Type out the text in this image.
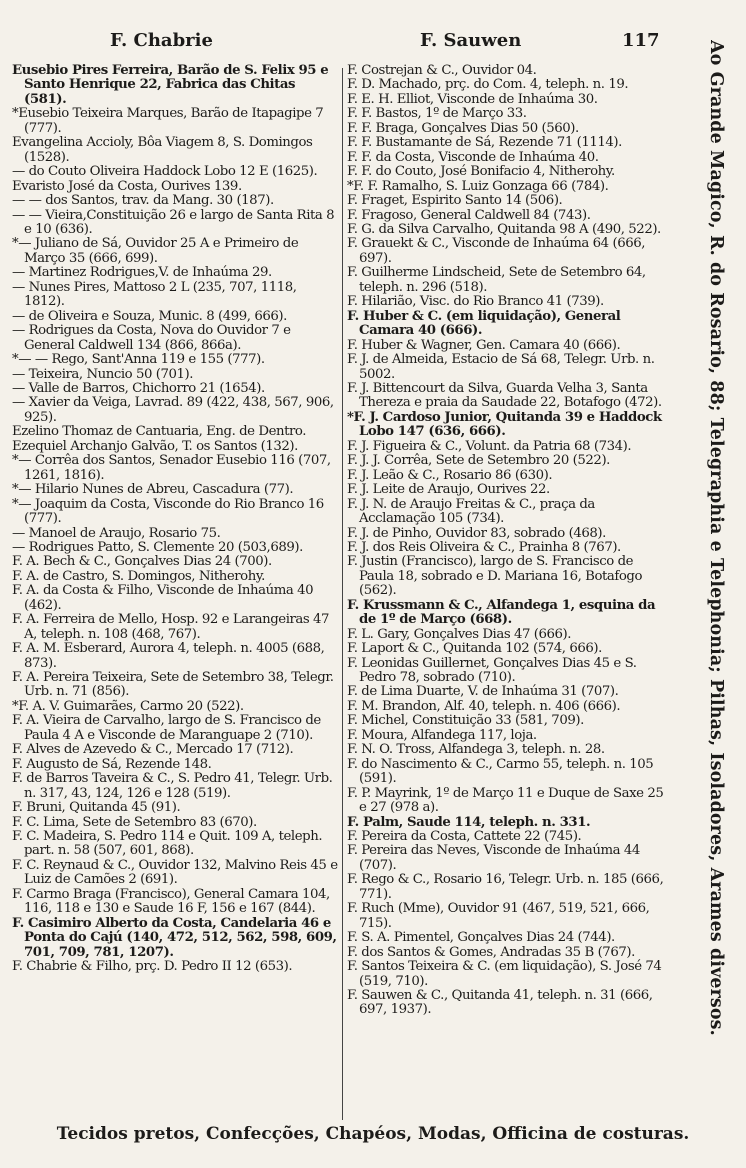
F. Chabrie	F. Sauwen	117
Eusebio Pires Ferreira, Barão de S. Felix 95 e Santo Henrique 22, Fabrica das Chitas (581).
*Eusebio Teixeira Marques, Barão de Itapagipe 7 (777).
Evangelina Accioly, Bôa Viagem 8, S. Domingos (1528).
— do Couto Oliveira Haddock Lobo 12 E (1625).
Evaristo José da Costa, Ourives 139.
— — dos Santos, trav. da Mang. 30 (187).
— — Vieira,Constituição 26 e largo de Santa Rita 8 e 10 (636).
*— Juliano de Sá, Ouvidor 25 A e Primeiro de Março 35 (666, 699).
— Martinez Rodrigues,V. de Inhaúma 29.
— Nunes Pires, Mattoso 2 L (235, 707, 1118, 1812).
— de Oliveira e Souza, Munic. 8 (499, 666).
— Rodrigues da Costa, Nova do Ouvidor 7 e General Caldwell 134 (866, 866a).
*— — Rego, Sant'Anna 119 e 155 (777).
— Teixeira, Nuncio 50 (701).
— Valle de Barros, Chichorro 21 (1654).
— Xavier da Veiga, Lavrad. 89 (422, 438, 567, 906, 925).
Ezelino Thomaz de Cantuaria, Eng. de Dentro.
Ezequiel Archanjo Galvão, T. os Santos (132).
*— Corrêa dos Santos, Senador Eusebio 116 (707, 1261, 1816).
*— Hilario Nunes de Abreu, Cascadura (77).
*— Joaquim da Costa, Visconde do Rio Branco 16 (777).
— Manoel de Araujo, Rosario 75.
— Rodrigues Patto, S. Clemente 20 (503,689).
F. A. Bech & C., Gonçalves Dias 24 (700).
F. A. de Castro, S. Domingos, Nitherohy.
F. A. da Costa & Filho, Visconde de Inhaúma 40 (462).
F. A. Ferreira de Mello, Hosp. 92 e Larangeiras 47 A, teleph. n. 108 (468, 767).
F. A. M. Esberard, Aurora 4, teleph. n. 4005 (688, 873).
F. A. Pereira Teixeira, Sete de Setembro 38, Telegr. Urb. n. 71 (856).
*F. A. V. Guimarães, Carmo 20 (522).
F. A. Vieira de Carvalho, largo de S. Francisco de Paula 4 A e Visconde de Maranguape 2 (710).
F. Alves de Azevedo & C., Mercado 17 (712).
F. Augusto de Sá, Rezende 148.
F. de Barros Taveira & C., S. Pedro 41, Telegr. Urb. n. 317, 43, 124, 126 e 128 (519).
F. Bruni, Quitanda 45 (91).
F. C. Lima, Sete de Setembro 83 (670).
F. C. Madeira, S. Pedro 114 e Quit. 109 A, teleph. part. n. 58 (507, 601, 868).
F. C. Reynaud & C., Ouvidor 132, Malvino Reis 45 e Luiz de Camões 2 (691).
F. Carmo Braga (Francisco), General Camara 104, 116, 118 e 130 e Saude 16 F, 156 e 167 (844).
F. Casimiro Alberto da Costa, Candelaria 46 e Ponta do Cajú (140, 472, 512, 562, 598, 609, 701, 709, 781, 1207).
F. Chabrie & Filho, prç. D. Pedro II 12 (653).
F. Costrejan & C., Ouvidor 04.
F. D. Machado, prç. do Com. 4, teleph. n. 19.
F. E. H. Elliot, Visconde de Inhaúma 30.
F. F. Bastos, 1º de Março 33.
F. F. Braga, Gonçalves Dias 50 (560).
F. F. Bustamante de Sá, Rezende 71 (1114).
F. F. da Costa, Visconde de Inhaúma 40.
F. F. do Couto, José Bonifacio 4, Nitherohy.
*F. F. Ramalho, S. Luiz Gonzaga 66 (784).
F. Fraget, Espirito Santo 14 (506).
F. Fragoso, General Caldwell 84 (743).
F. G. da Silva Carvalho, Quitanda 98 A (490, 522).
F. Grauekt & C., Visconde de Inhaúma 64 (666, 697).
F. Guilherme Lindscheid, Sete de Setembro 64, teleph. n. 296 (518).
F. Hilarião, Visc. do Rio Branco 41 (739).
F. Huber & C. (em liquidação), General Camara 40 (666).
F. Huber & Wagner, Gen. Camara 40 (666).
F. J. de Almeida, Estacio de Sá 68, Telegr. Urb. n. 5002.
F. J. Bittencourt da Silva, Guarda Velha 3, Santa Thereza e praia da Saudade 22, Botafogo (472).
*F. J. Cardoso Junior, Quitanda 39 e Haddock Lobo 147 (636, 666).
F. J. Figueira & C., Volunt. da Patria 68 (734).
F. J. J. Corrêa, Sete de Setembro 20 (522).
F. J. Leão & C., Rosario 86 (630).
F. J. Leite de Araujo, Ourives 22.
F. J. N. de Araujo Freitas & C., praça da Acclamação 105 (734).
F. J. de Pinho, Ouvidor 83, sobrado (468).
F. J. dos Reis Oliveira & C., Prainha 8 (767).
F. Justin (Francisco), largo de S. Francisco de Paula 18, sobrado e D. Mariana 16, Botafogo (562).
F. Krussmann & C., Alfandega 1, esquina da de 1º de Março (668).
F. L. Gary, Gonçalves Dias 47 (666).
F. Laport & C., Quitanda 102 (574, 666).
F. Leonidas Guillernet, Gonçalves Dias 45 e S. Pedro 78, sobrado (710).
F. de Lima Duarte, V. de Inhaúma 31 (707).
F. M. Brandon, Alf. 40, teleph. n. 406 (666).
F. Michel, Constituição 33 (581, 709).
F. Moura, Alfandega 117, loja.
F. N. O. Tross, Alfandega 3, teleph. n. 28.
F. do Nascimento & C., Carmo 55, teleph. n. 105 (591).
F. P. Mayrink, 1º de Março 11 e Duque de Saxe 25 e 27 (978 a).
F. Palm, Saude 114, teleph. n. 331.
F. Pereira da Costa, Cattete 22 (745).
F. Pereira das Neves, Visconde de Inhaúma 44 (707).
F. Rego & C., Rosario 16, Telegr. Urb. n. 185 (666, 771).
F. Ruch (Mme), Ouvidor 91 (467, 519, 521, 666, 715).
F. S. A. Pimentel, Gonçalves Dias 24 (744).
F. dos Santos & Gomes, Andradas 35 B (767).
F. Santos Teixeira & C. (em liquidação), S. José 74 (519, 710).
F. Sauwen & C., Quitanda 41, teleph. n. 31 (666, 697, 1937).	Ao Grande Magico, R. do Rosario, 88; Telegraphia e Telephonia; Pilhas, Isoladores, Arames diversos.
Tecidos pretos, Confecções, Chapéos, Modas, Officina de costuras.
